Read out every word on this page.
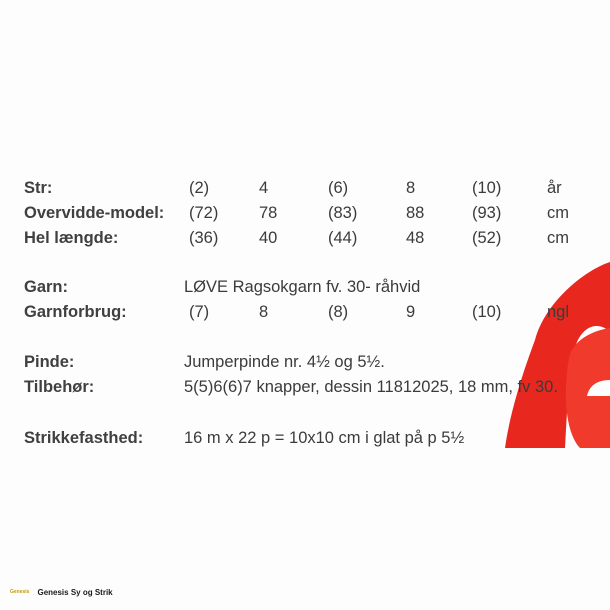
Str:	(2)	4	(6)	8	(10)	år
Overvidde-model: (72) 78	(83)	88	(93)	cm
Hel længde:	(36) 40	(44)	48	(52)	cm
Garn:	LØVE Ragsokgarn fv. 30- råhvid
Garnforbrug:	(7)	8	(8)	9	(10)	ngl
Pinde:	Jumperpinde nr. 4½ og 5½.
Tilbehør:	5(5)6(6)7 knapper, dessin 11812025, 18 mm, fv 30.
Strikkefasthed: 16 m x 22 p = 10x10 cm i glat på p 5½
Genesis Genesis Sy og Strik
